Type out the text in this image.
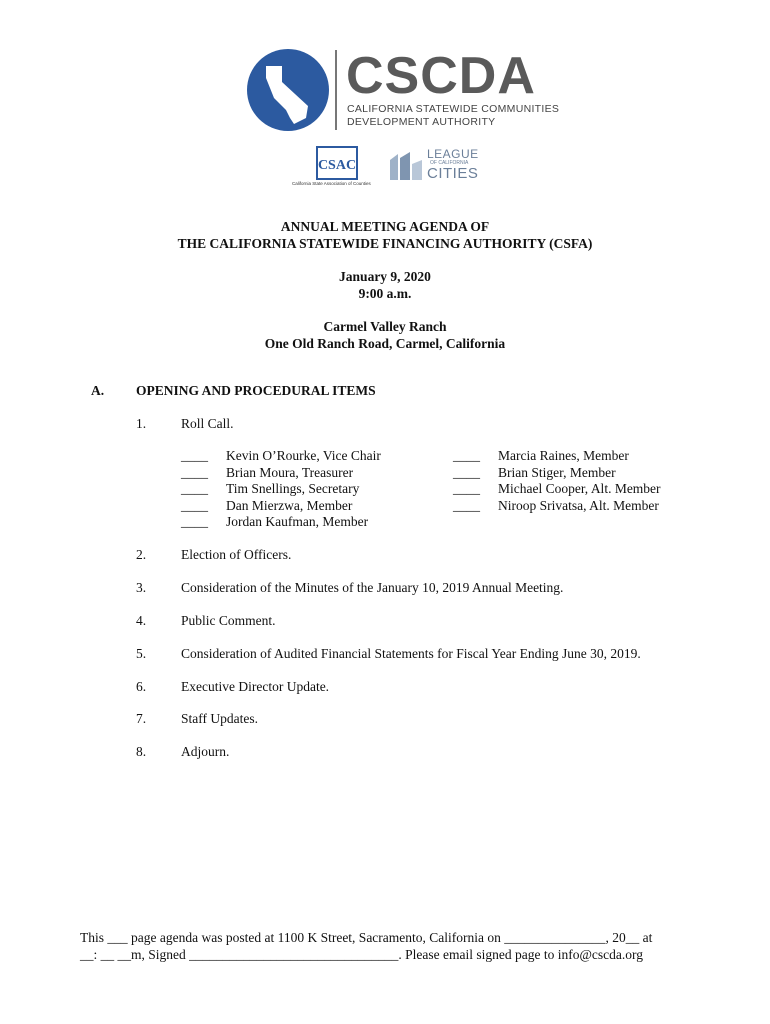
CSCDA
CALIFORNIA STATEWIDE COMMUNITIES
DEVELOPMENT AUTHORITY
CSAC
California State Association of Counties
LEAGUE
OF CALIFORNIA
CITIES
ANNUAL MEETING AGENDA OF
THE CALIFORNIA STATEWIDE FINANCING AUTHORITY (CSFA)
January 9, 2020
9:00 a.m.
Carmel Valley Ranch
One Old Ranch Road, Carmel, California
A. OPENING AND PROCEDURAL ITEMS
1.	Roll Call.
____	Kevin O’Rourke, Vice Chair
____	Brian Moura, Treasurer
____	Tim Snellings, Secretary
____	Dan Mierzwa, Member
____	Jordan Kaufman, Member
____	Marcia Raines, Member
____	Brian Stiger, Member
____	Michael Cooper, Alt. Member
____	Niroop Srivatsa, Alt. Member
2.	Election of Officers.
3.	Consideration of the Minutes of the January 10, 2019 Annual Meeting.
4.	Public Comment.
5.	Consideration of Audited Financial Statements for Fiscal Year Ending June 30, 2019.
6.	Executive Director Update.
7.	Staff Updates.
8.	Adjourn.
This ___ page agenda was posted at 1100 K Street, Sacramento, California on _______________, 20__ at
__: __ __m, Signed _______________________________. Please email signed page to info@cscda.org
